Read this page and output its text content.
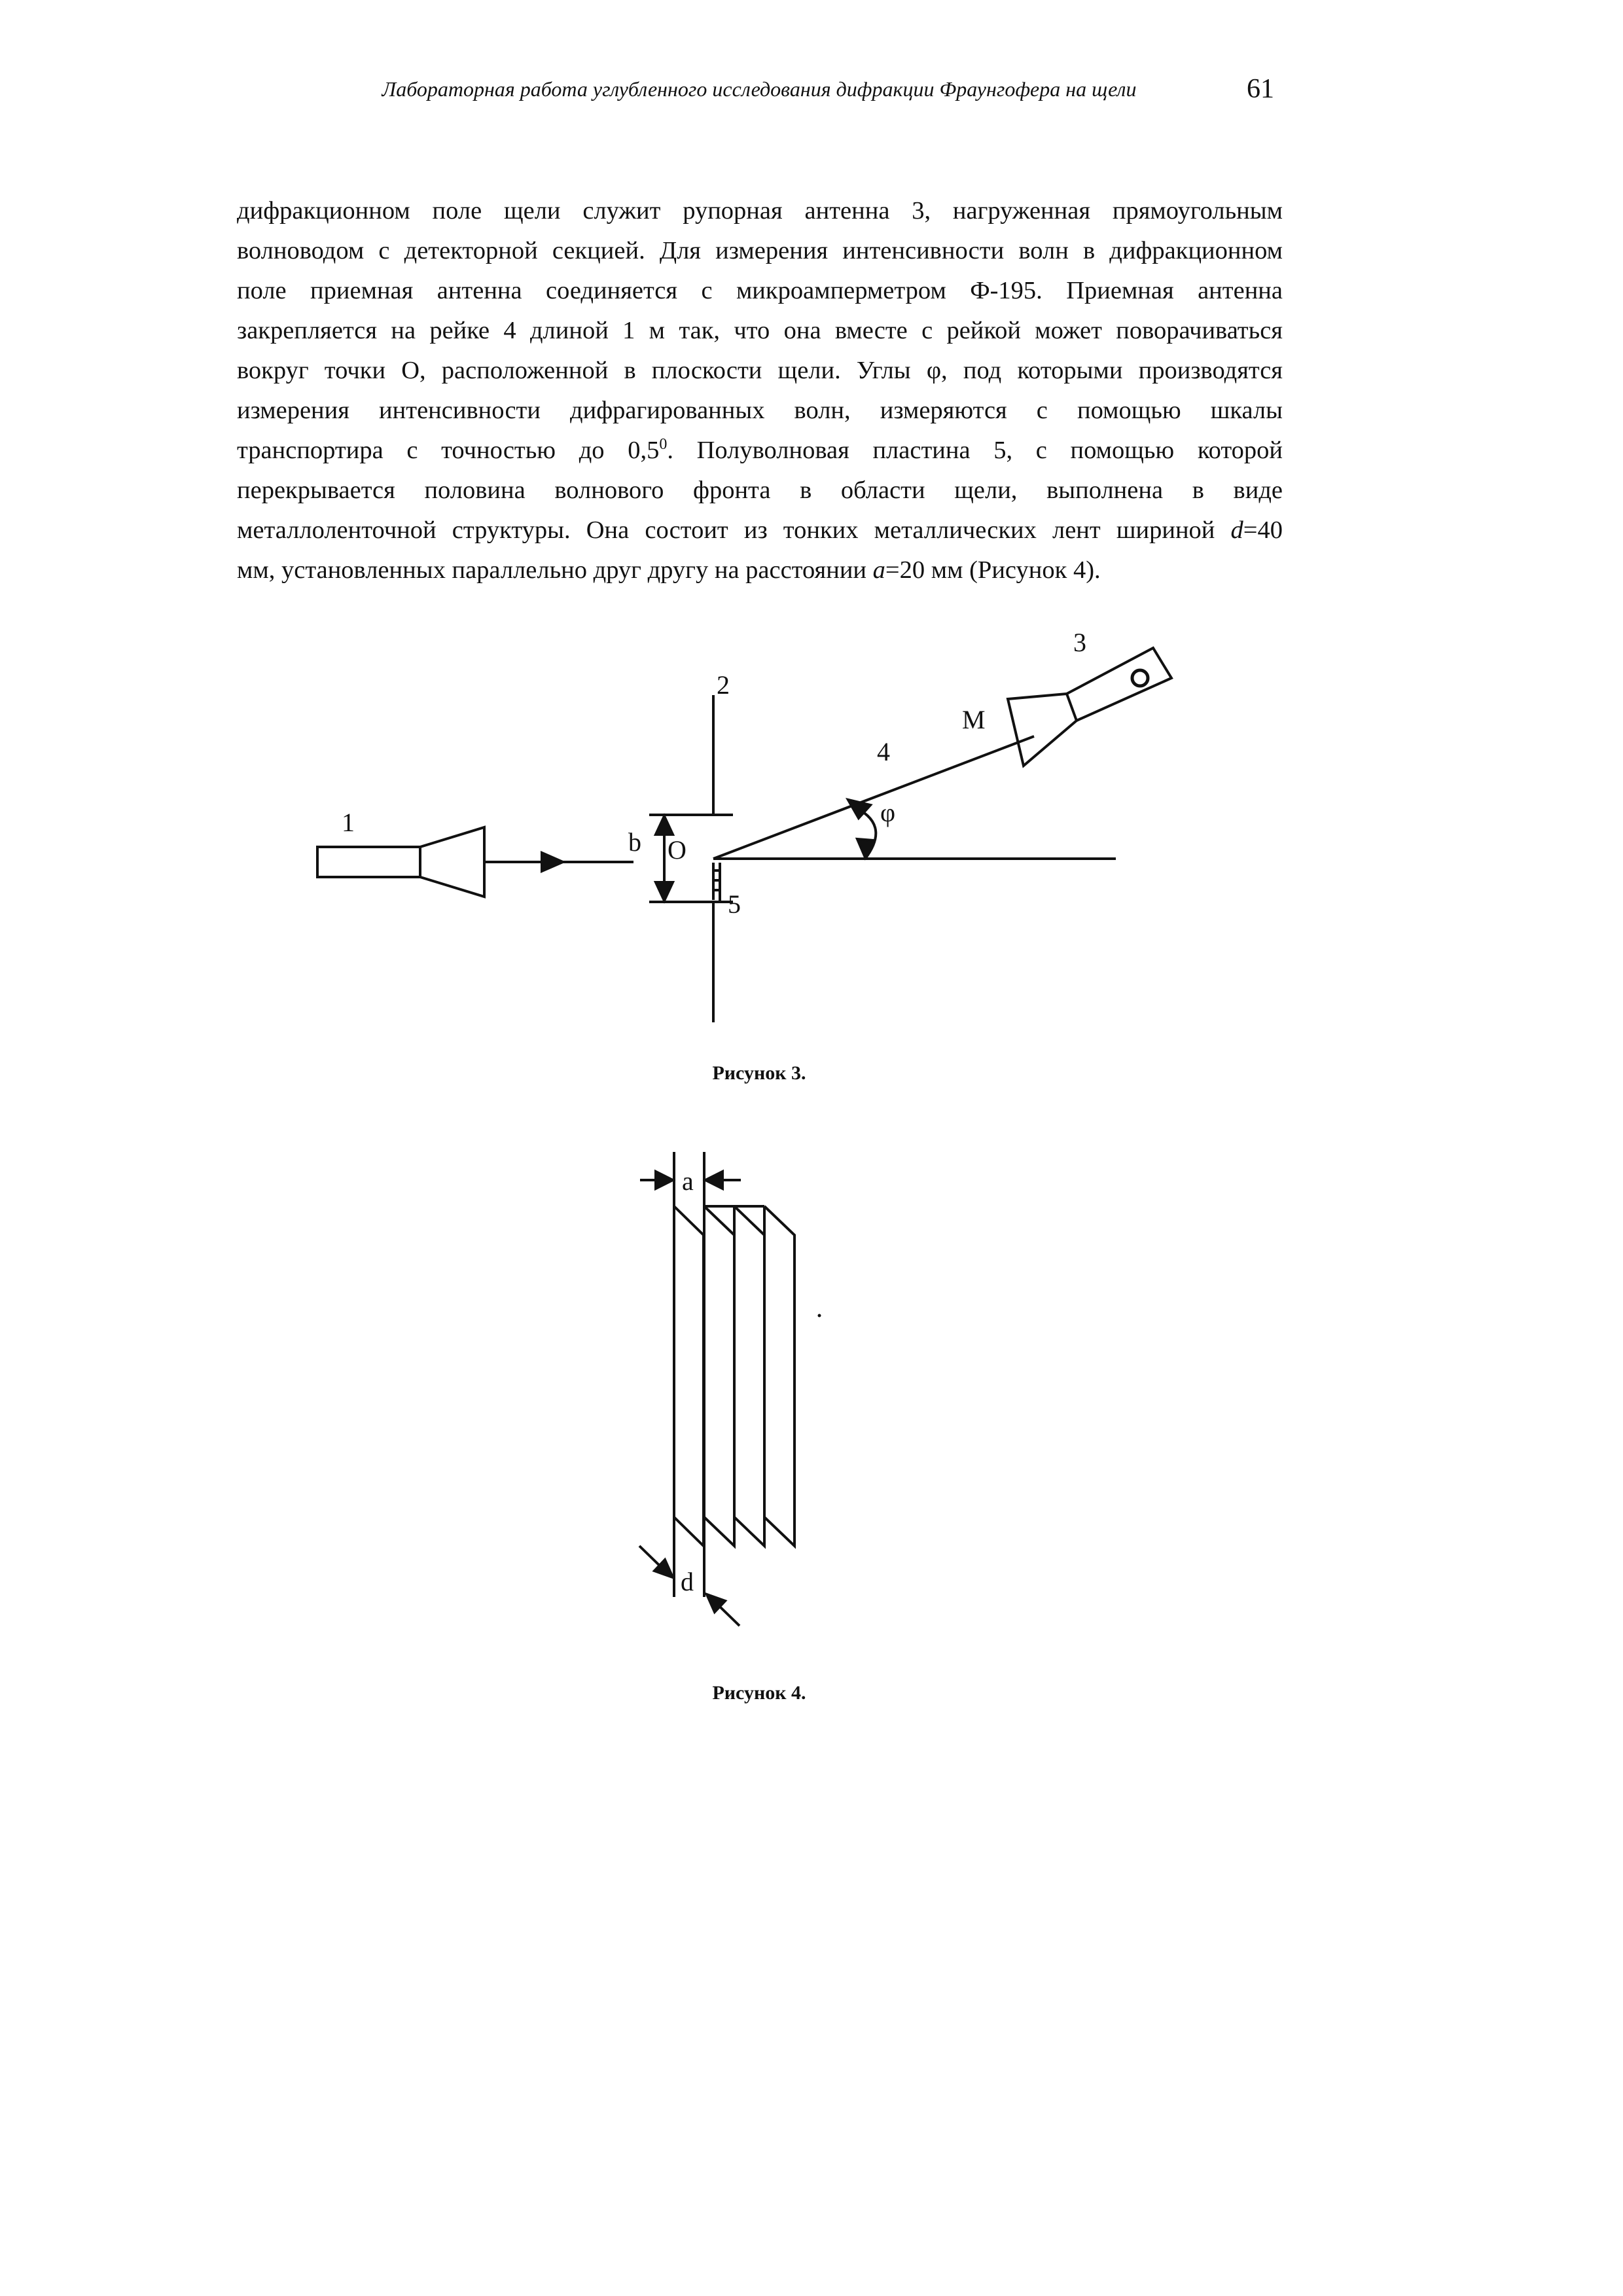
Лабораторная работа углубленного исследования дифракции Фраунгофера на щели	61
дифракционном поле щели служит рупорная антенна 3, нагруженная прямоугольным
волноводом с детекторной секцией. Для измерения интенсивности волн в дифракционном
поле приемная антенна соединяется с микроамперметром Ф-195. Приемная антенна
закрепляется на рейке 4 длиной 1 м так, что она вместе с рейкой может поворачиваться
вокруг точки О, расположенной в плоскости щели. Углы φ, под которыми производятся
измерения интенсивности дифрагированных волн, измеряются с помощью шкалы
транспортира с точностью до $0,5^0$. Полуволновая пластина 5, с помощью которой
перекрывается половина волнового фронта в области щели, выполнена в виде
металлоленточной структуры. Она состоит из тонких металлических лент шириной d=40
мм, установленных параллельно друг другу на расстоянии a=20 мм (Рисунок 4).
1
2
3
4
5
b O
M
φ
a
d
Рисунок 3.
Рисунок 4.
